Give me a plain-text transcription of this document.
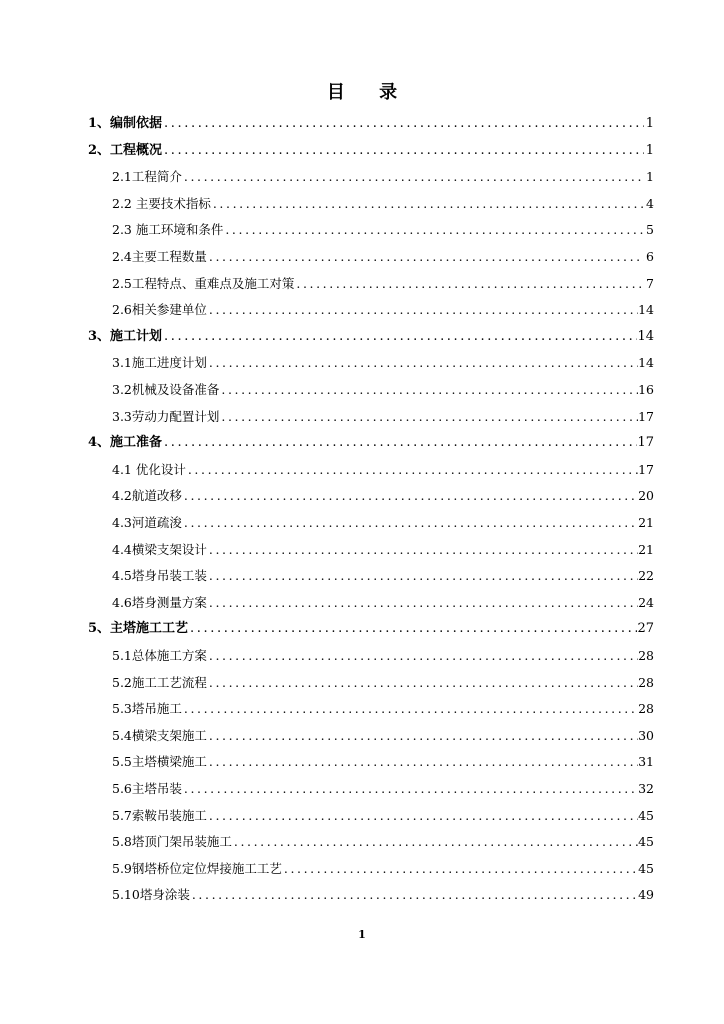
目 录
1、编制依据 .....	1
2、工程概况 .....	1
2.1工程简介 .....	1
2.2 主要技术指标 .....	4
2.3 施工环境和条件 .....	5
2.4主要工程数量 .....	6
2.5工程特点、重难点及施工对策 .....	7
2.6相关参建单位 .....	14
3、施工计划 .....	14
3.1施工进度计划 .....	14
3.2机械及设备准备 .....	16
3.3劳动力配置计划 .....	17
4、施工准备 .....	17
4.1 优化设计 .....	17
4.2航道改移 .....	20
4.3河道疏浚 .....	21
4.4横梁支架设计 .....	21
4.5塔身吊装工装 .....	22
4.6塔身测量方案 .....	24
5、主塔施工工艺 .....	27
5.1总体施工方案 .....	28
5.2施工工艺流程 .....	28
5.3塔吊施工 .....	28
5.4横梁支架施工 .....	30
5.5主塔横梁施工 .....	31
5.6主塔吊装 .....	32
5.7索鞍吊装施工 .....	45
5.8塔顶门架吊装施工 .....	45
5.9钢塔桥位定位焊接施工工艺 .....	45
5.10塔身涂装 .....	49
1
